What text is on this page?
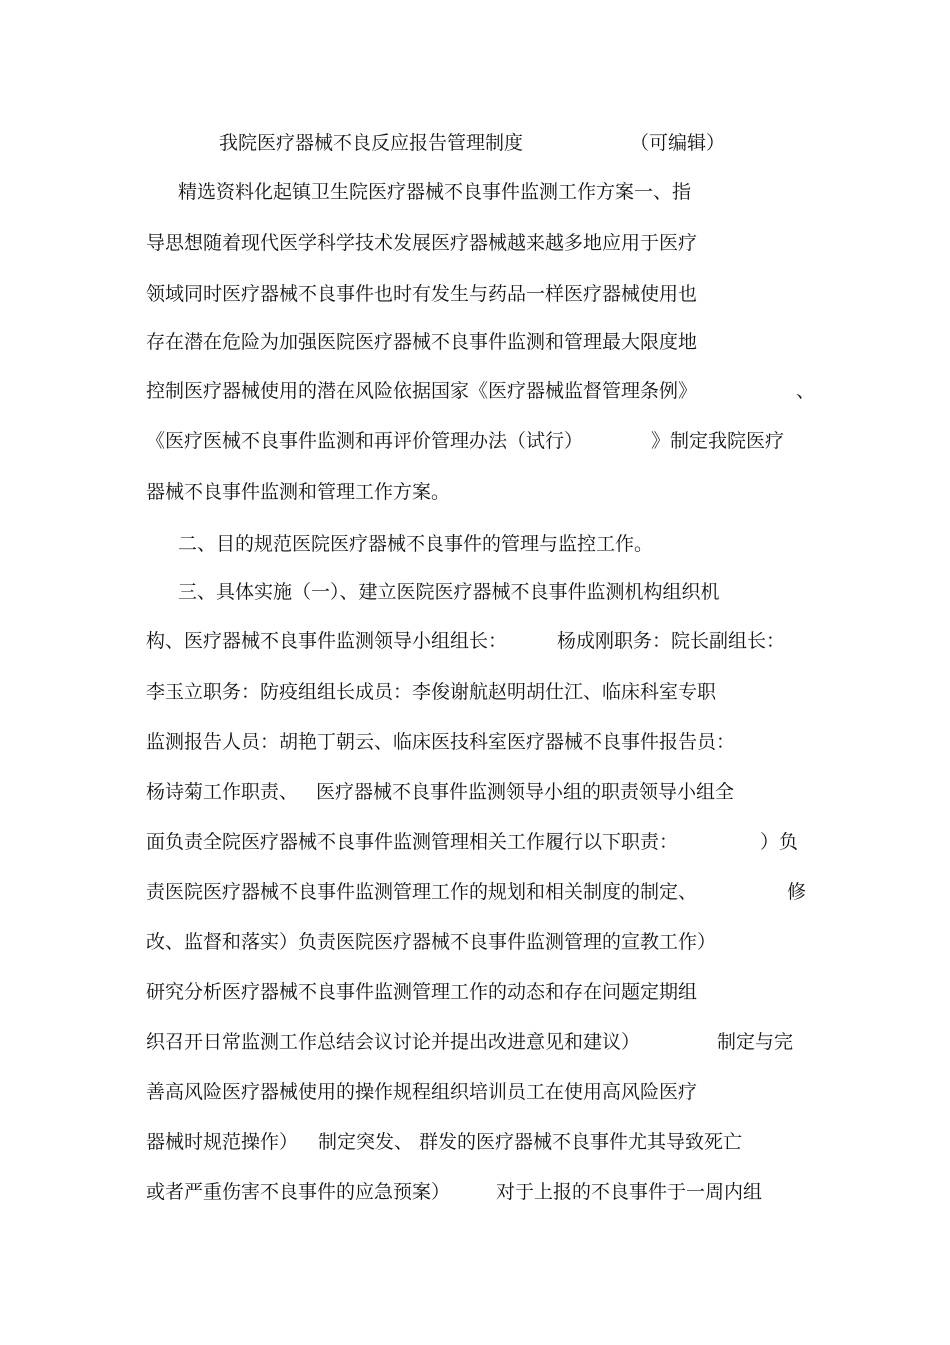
我院医疗器械不良反应报告管理制度	（可编辑）
精选资料化起镇卫生院医疗器械不良事件监测工作方案一、指
导思想随着现代医学科学技术发展医疗器械越来越多地应用于医疗
领域同时医疗器械不良事件也时有发生与药品一样医疗器械使用也
存在潜在危险为加强医院医疗器械不良事件监测和管理最大限度地
控制医疗器械使用的潜在风险依据国家《医疗器械监督管理条例》	、
《医疗医械不良事件监测和再评价管理办法（试行）	》制定我院医疗
器械不良事件监测和管理工作方案。
二、目的规范医院医疗器械不良事件的管理与监控工作。
三、具体实施（一）、建立医院医疗器械不良事件监测机构组织机
构、医疗器械不良事件监测领导小组组长：	杨成刚职务：院长副组长：
李玉立职务：防疫组组长成员：李俊谢航赵明胡仕江、临床科室专职
监测报告人员：胡艳丁朝云、临床医技科室医疗器械不良事件报告员：
杨诗菊工作职责、 医疗器械不良事件监测领导小组的职责领导小组全
面负责全院医疗器械不良事件监测管理相关工作履行以下职责：	）负
责医院医疗器械不良事件监测管理工作的规划和相关制度的制定、	修
改、监督和落实）负责医院医疗器械不良事件监测管理的宣教工作）
研究分析医疗器械不良事件监测管理工作的动态和存在问题定期组
织召开日常监测工作总结会议讨论并提出改进意见和建议）	制定与完
善高风险医疗器械使用的操作规程组织培训员工在使用高风险医疗
器械时规范操作） 制定突发、 群发的医疗器械不良事件尤其导致死亡
或者严重伤害不良事件的应急预案） 对于上报的不良事件于一周内组
